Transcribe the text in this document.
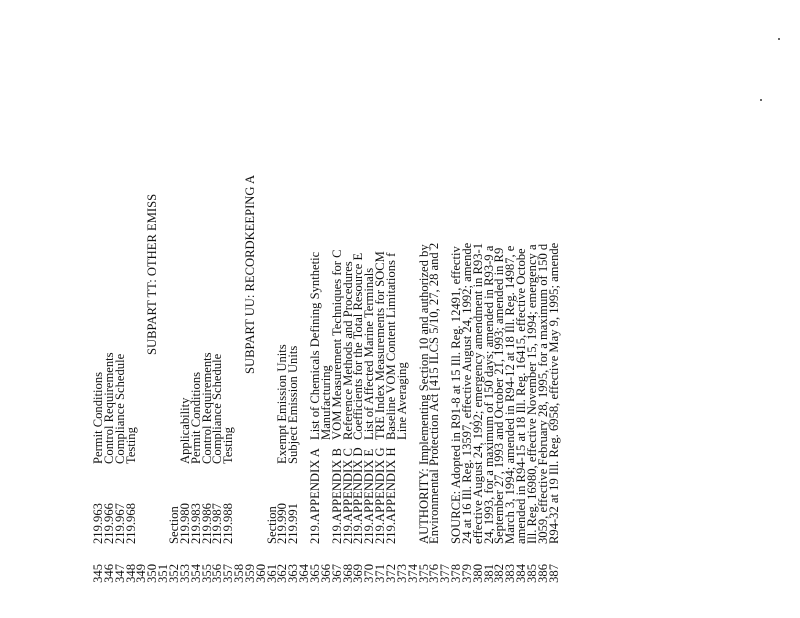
345
219.963
Permit Conditions
346
219.966
Control Requirements
347
219.967
Compliance Schedule
348
219.968
Testing
349
350
SUBPART TT: OTHER EMISS
351
352
Section
353
219.980
Applicability
354
219.983
Permit Conditions
355
219.986
Control Requirements
356
219.987
Compliance Schedule
357
219.988
Testing
358
359
SUBPART UU: RECORDKEEPING A
360
361
Section
362
219.990
Exempt Emission Units
363
219.991
Subject Emission Units
364
365
219.APPENDIX A
List of Chemicals Defining Synthetic
366
Manufacturing
367
219.APPENDIX B
VOM Measurement Techniques for C
368
219.APPENDIX C
Reference Methods and Procedures
369
219.APPENDIX D
Coefficients for the Total Resource E
370
219.APPENDIX E
List of Affected Marine Terminals
371
219.APPENDIX G
TRE Index Measurements for SOCM
372
219.APPENDIX H
Baseline VOM Content Limitations f
373
Line Averaging
374
375
AUTHORITY: Implementing Section 10 and authorized by
376
Environmental Protection Act [415 ILCS 5/10, 27, 28 and 2
377
378
SOURCE: Adopted in R91-8 at 15 Ill. Reg. 12491, effectiv
379
24 at 16 Ill. Reg. 13597, effective August 24, 1992; amende
380
effective August 24, 1992; emergency amendment in R93-1
381
24, 1993, for a maximum of 150 days; amended in R93-9 a
382
September 27, 1993 and October 21, 1993; amended in R9
383
March 3, 1994; amended in R94-12 at 18 Ill. Reg. 14987, e
384
amended in R94-15 at 18 Ill. Reg. 16415, effective Octobe
385
Ill. Reg. 16980, effective November 15, 1994; emergency a
386
3059, effective February 28, 1995, for a maximum of 150 d
387
R94-32 at 19 Ill. Reg. 6958, effective May 9, 1995; amende
